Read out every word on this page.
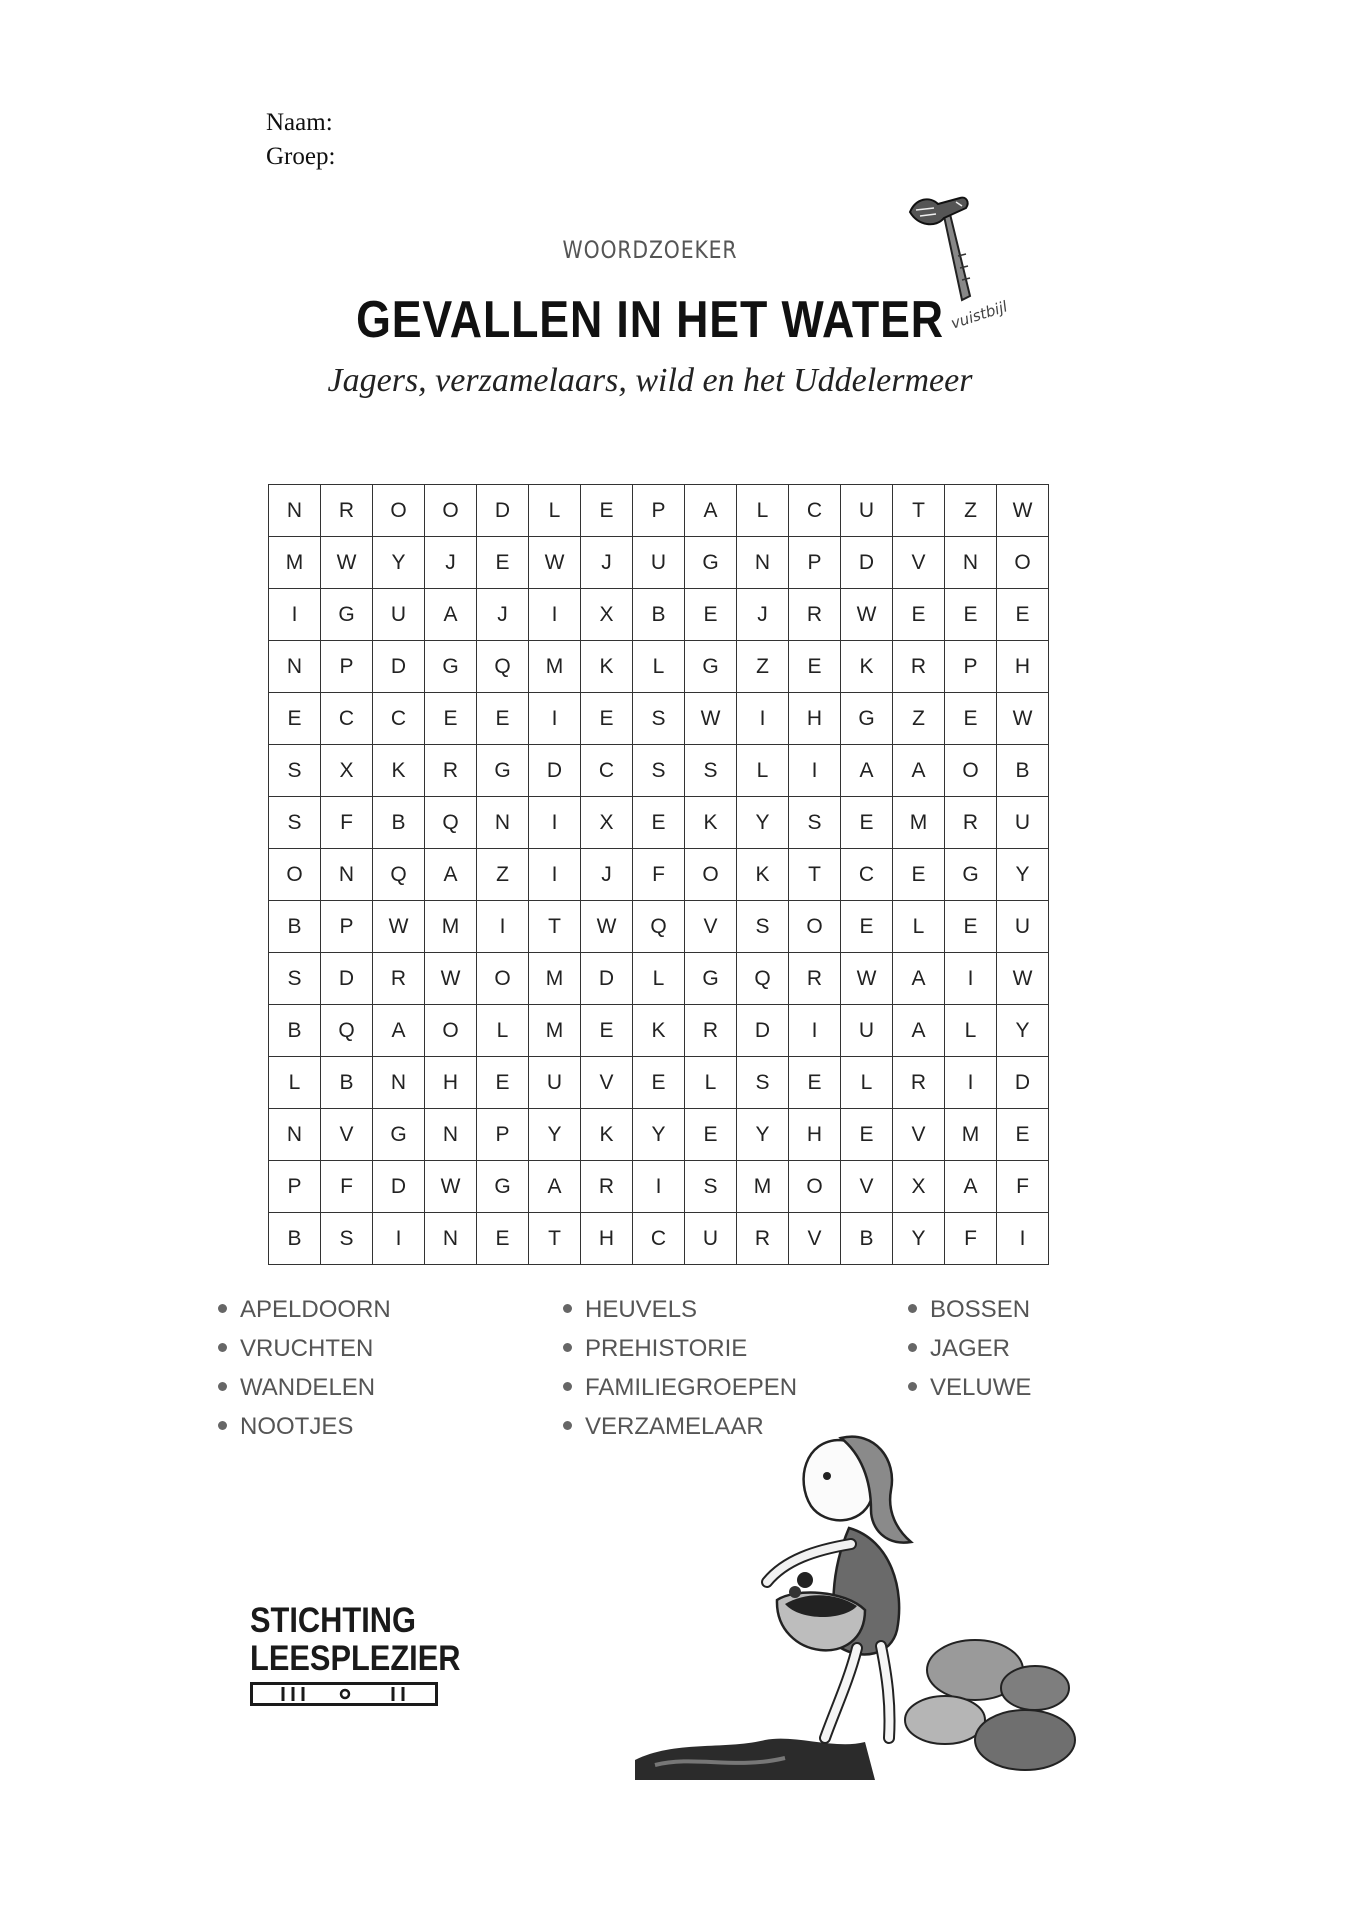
Naam:
Groep:
WOORDZOEKER
GEVALLEN IN HET WATER
Jagers, verzamelaars, wild en het Uddelermeer
vuistbijl
N	R	O	O	D	L	E	P	A	L	C	U	T	Z	W
M	W	Y	J	E	W	J	U	G	N	P	D	V	N	O
I	G	U	A	J	I	X	B	E	J	R	W	E	E	E
N	P	D	G	Q	M	K	L	G	Z	E	K	R	P	H
E	C	C	E	E	I	E	S	W	I	H	G	Z	E	W
S	X	K	R	G	D	C	S	S	L	I	A	A	O	B
S	F	B	Q	N	I	X	E	K	Y	S	E	M	R	U
O	N	Q	A	Z	I	J	F	O	K	T	C	E	G	Y
B	P	W	M	I	T	W	Q	V	S	O	E	L	E	U
S	D	R	W	O	M	D	L	G	Q	R	W	A	I	W
B	Q	A	O	L	M	E	K	R	D	I	U	A	L	Y
L	B	N	H	E	U	V	E	L	S	E	L	R	I	D
N	V	G	N	P	Y	K	Y	E	Y	H	E	V	M	E
P	F	D	W	G	A	R	I	S	M	O	V	X	A	F
B	S	I	N	E	T	H	C	U	R	V	B	Y	F	I
APELDOORN
VRUCHTEN
WANDELEN
NOOTJES
HEUVELS
PREHISTORIE
FAMILIEGROEPEN
VERZAMELAAR
BOSSEN
JAGER
VELUWE
STICHTING
LEESPLEZIER
